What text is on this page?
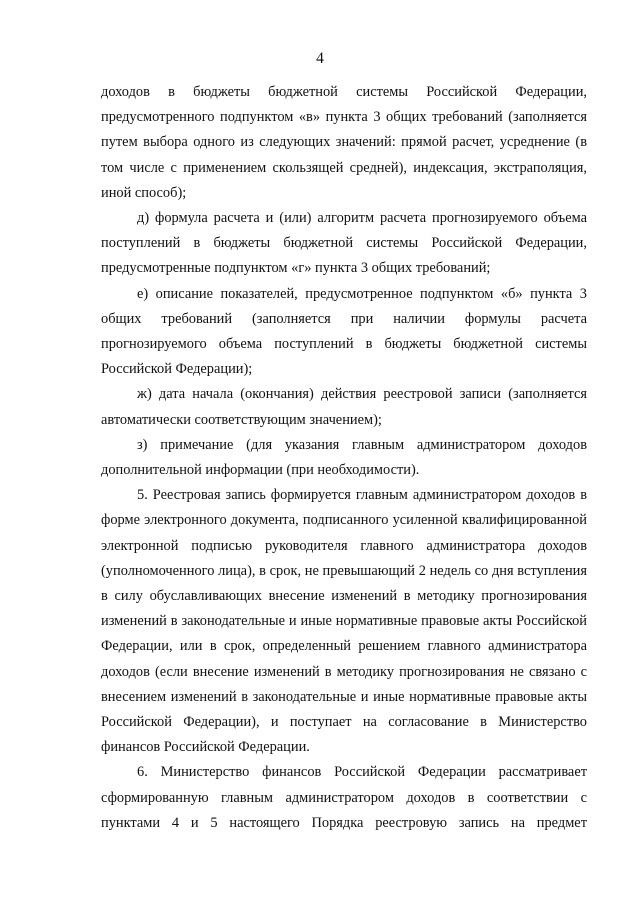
4

доходов в бюджеты бюджетной системы Российской Федерации, предусмотренного подпунктом «в» пункта 3 общих требований (заполняется путем выбора одного из следующих значений: прямой расчет, усреднение (в том числе с применением скользящей средней), индексация, экстраполяция, иной способ);

д) формула расчета и (или) алгоритм расчета прогнозируемого объема поступлений в бюджеты бюджетной системы Российской Федерации, предусмотренные подпунктом «г» пункта 3 общих требований;

е) описание показателей, предусмотренное подпунктом «б» пункта 3 общих требований (заполняется при наличии формулы расчета прогнозируемого объема поступлений в бюджеты бюджетной системы Российской Федерации);

ж) дата начала (окончания) действия реестровой записи (заполняется автоматически соответствующим значением);

з) примечание (для указания главным администратором доходов дополнительной информации (при необходимости).

5. Реестровая запись формируется главным администратором доходов в форме электронного документа, подписанного усиленной квалифицированной электронной подписью руководителя главного администратора доходов (уполномоченного лица), в срок, не превышающий 2 недель со дня вступления в силу обуславливающих внесение изменений в методику прогнозирования изменений в законодательные и иные нормативные правовые акты Российской Федерации, или в срок, определенный решением главного администратора доходов (если внесение изменений в методику прогнозирования не связано с внесением изменений в законодательные и иные нормативные правовые акты Российской Федерации), и поступает на согласование в Министерство финансов Российской Федерации.

6. Министерство финансов Российской Федерации рассматривает сформированную главным администратором доходов в соответствии с пунктами 4 и 5 настоящего Порядка реестровую запись на предмет
